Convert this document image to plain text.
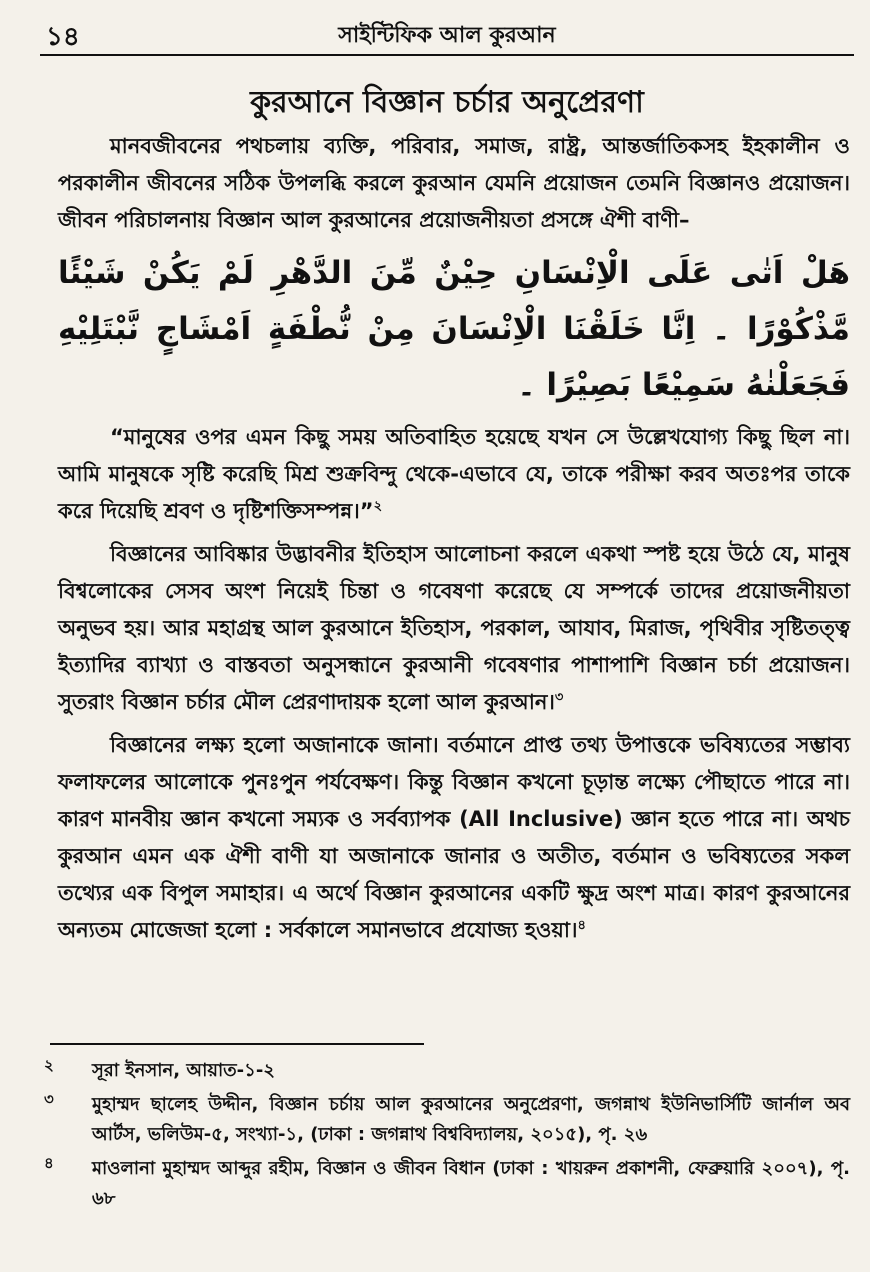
১৪	সাইন্টিফিক আল কুরআন
কুরআনে বিজ্ঞান চর্চার অনুপ্রেরণা

মানবজীবনের পথচলায় ব্যক্তি, পরিবার, সমাজ, রাষ্ট্র, আন্তর্জাতিকসহ ইহকালীন ও পরকালীন জীবনের সঠিক উপলব্ধি করলে কুরআন যেমনি প্রয়োজন তেমনি বিজ্ঞানও প্রয়োজন। জীবন পরিচালনায় বিজ্ঞান আল কুরআনের প্রয়োজনীয়তা প্রসঙ্গে ঐশী বাণী–

هَلْ اَتٰى عَلَى الْاِنْسَانِ حِيْنٌ مِّنَ الدَّهْرِ لَمْ يَكُنْ شَيْئًا مَّذْكُوْرًا ۔ اِنَّا خَلَقْنَا الْاِنْسَانَ مِنْ نُّطْفَةٍ اَمْشَاجٍ نَّبْتَلِيْهِ فَجَعَلْنٰهُ سَمِيْعًا بَصِيْرًا ۔

“মানুষের ওপর এমন কিছু সময় অতিবাহিত হয়েছে যখন সে উল্লেখযোগ্য কিছু ছিল না। আমি মানুষকে সৃষ্টি করেছি মিশ্র শুক্রবিন্দু থেকে-এভাবে যে, তাকে পরীক্ষা করব অতঃপর তাকে করে দিয়েছি শ্রবণ ও দৃষ্টিশক্তিসম্পন্ন।”$^২$

বিজ্ঞানের আবিষ্কার উদ্ভাবনীর ইতিহাস আলোচনা করলে একথা স্পষ্ট হয়ে উঠে যে, মানুষ বিশ্বলোকের সেসব অংশ নিয়েই চিন্তা ও গবেষণা করেছে যে সম্পর্কে তাদের প্রয়োজনীয়তা অনুভব হয়। আর মহাগ্রন্থ আল কুরআনে ইতিহাস, পরকাল, আযাব, মিরাজ, পৃথিবীর সৃষ্টিতত্ত্ব ইত্যাদির ব্যাখ্যা ও বাস্তবতা অনুসন্ধানে কুরআনী গবেষণার পাশাপাশি বিজ্ঞান চর্চা প্রয়োজন। সুতরাং বিজ্ঞান চর্চার মৌল প্রেরণাদায়ক হলো আল কুরআন।$^৩$

বিজ্ঞানের লক্ষ্য হলো অজানাকে জানা। বর্তমানে প্রাপ্ত তথ্য উপাত্তকে ভবিষ্যতের সম্ভাব্য ফলাফলের আলোকে পুনঃপুন পর্যবেক্ষণ। কিন্তু বিজ্ঞান কখনো চূড়ান্ত লক্ষ্যে পৌছাতে পারে না। কারণ মানবীয় জ্ঞান কখনো সম্যক ও সর্বব্যাপক (All Inclusive) জ্ঞান হতে পারে না। অথচ কুরআন এমন এক ঐশী বাণী যা অজানাকে জানার ও অতীত, বর্তমান ও ভবিষ্যতের সকল তথ্যের এক বিপুল সমাহার। এ অর্থে বিজ্ঞান কুরআনের একটি ক্ষুদ্র অংশ মাত্র। কারণ কুরআনের অন্যতম মোজেজা হলো : সর্বকালে সমানভাবে প্রযোজ্য হওয়া।$^৪$

২ সূরা ইনসান, আয়াত-১-২
৩ মুহাম্মদ ছালেহ উদ্দীন, বিজ্ঞান চর্চায় আল কুরআনের অনুপ্রেরণা, জগন্নাথ ইউনিভার্সিটি জার্নাল অব আর্টস, ভলিউম-৫, সংখ্যা-১, (ঢাকা : জগন্নাথ বিশ্ববিদ্যালয়, ২০১৫), পৃ. ২৬
৪ মাওলানা মুহাম্মদ আব্দুর রহীম, বিজ্ঞান ও জীবন বিধান (ঢাকা : খায়রুন প্রকাশনী, ফেব্রুয়ারি ২০০৭), পৃ. ৬৮
